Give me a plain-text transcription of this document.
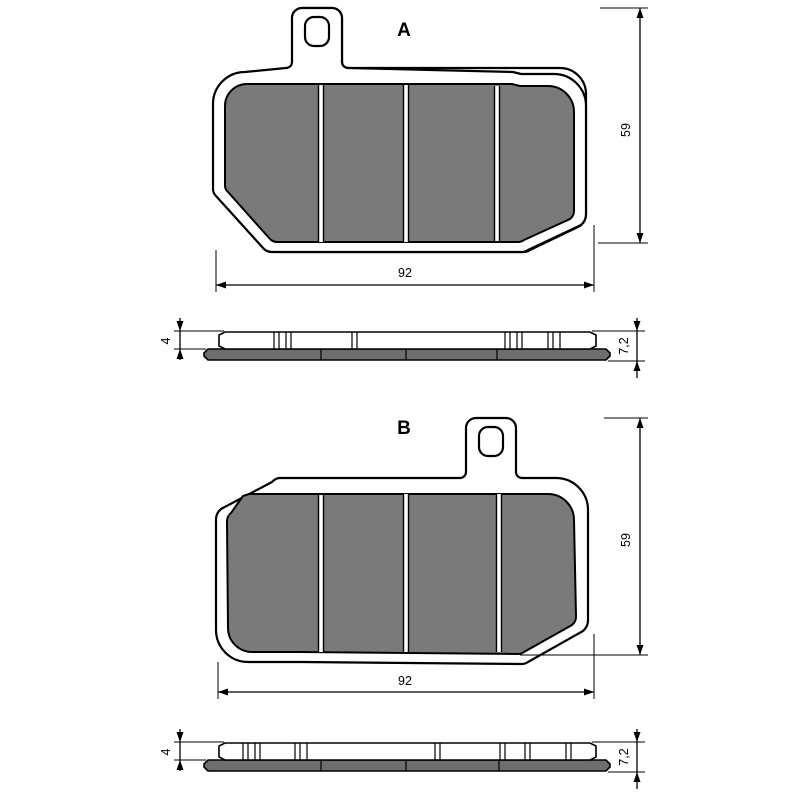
A
59
92
4	7,2
B
59
92
4	7,2
